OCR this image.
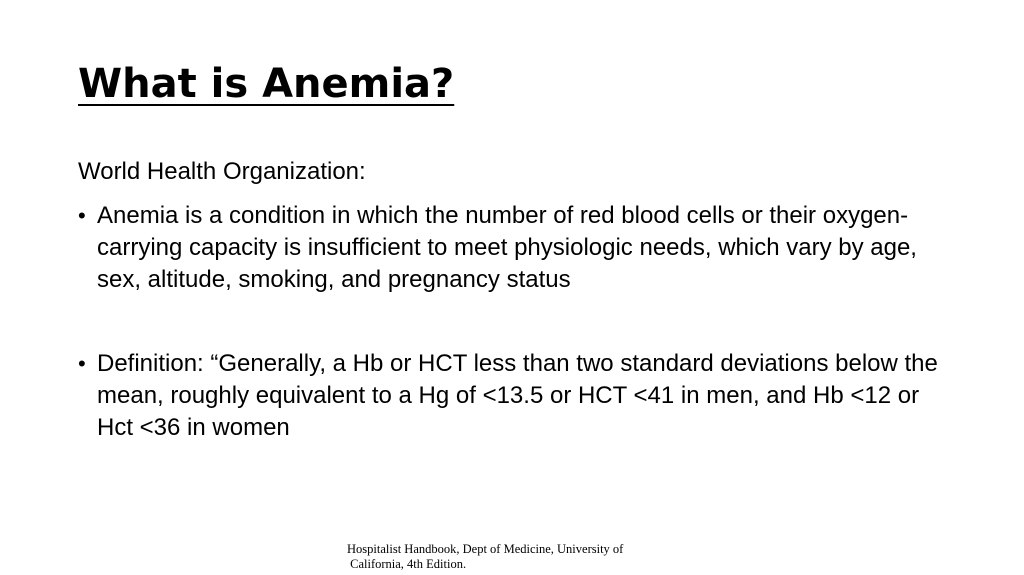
What is Anemia?

World Health Organization:

• Anemia is a condition in which the number of red blood cells or their oxygen-carrying capacity is insufficient to meet physiologic needs, which vary by age, sex, altitude, smoking, and pregnancy status
• Definition: “Generally, a Hb or HCT less than two standard deviations below the mean, roughly equivalent to a Hg of <13.5 or HCT <41 in men, and Hb <12 or Hct <36 in women
Hospitalist Handbook, Dept of Medicine, University of
California, 4th Edition.
